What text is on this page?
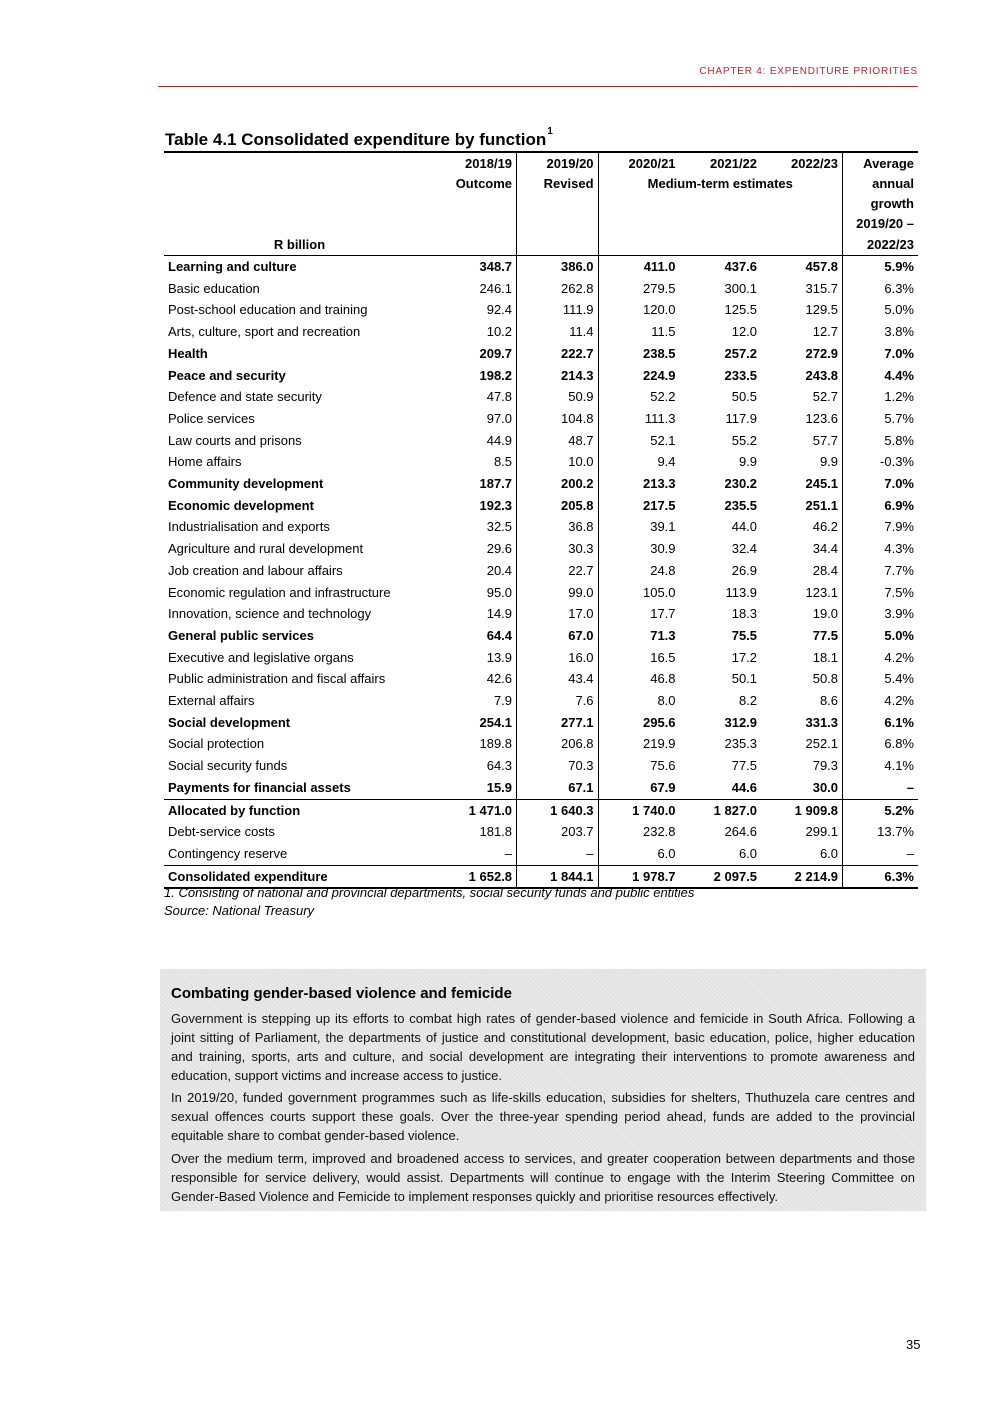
CHAPTER 4: EXPENDITURE PRIORITIES
Table 4.1 Consolidated expenditure by function$^1$
	2018/19	2019/20	2020/21	2021/22	2022/23	Average
	Outcome	Revised	Medium-term estimates			annual
						growth
						2019/20 –
R billion						2022/23
Learning and culture	348.7	386.0	411.0	437.6	457.8	5.9%
Basic education	246.1	262.8	279.5	300.1	315.7	6.3%
Post-school education and training	92.4	111.9	120.0	125.5	129.5	5.0%
Arts, culture, sport and recreation	10.2	11.4	11.5	12.0	12.7	3.8%
Health	209.7	222.7	238.5	257.2	272.9	7.0%
Peace and security	198.2	214.3	224.9	233.5	243.8	4.4%
Defence and state security	47.8	50.9	52.2	50.5	52.7	1.2%
Police services	97.0	104.8	111.3	117.9	123.6	5.7%
Law courts and prisons	44.9	48.7	52.1	55.2	57.7	5.8%
Home affairs	8.5	10.0	9.4	9.9	9.9	-0.3%
Community development	187.7	200.2	213.3	230.2	245.1	7.0%
Economic development	192.3	205.8	217.5	235.5	251.1	6.9%
Industrialisation and exports	32.5	36.8	39.1	44.0	46.2	7.9%
Agriculture and rural development	29.6	30.3	30.9	32.4	34.4	4.3%
Job creation and labour affairs	20.4	22.7	24.8	26.9	28.4	7.7%
Economic regulation and infrastructure	95.0	99.0	105.0	113.9	123.1	7.5%
Innovation, science and technology	14.9	17.0	17.7	18.3	19.0	3.9%
General public services	64.4	67.0	71.3	75.5	77.5	5.0%
Executive and legislative organs	13.9	16.0	16.5	17.2	18.1	4.2%
Public administration and fiscal affairs	42.6	43.4	46.8	50.1	50.8	5.4%
External affairs	7.9	7.6	8.0	8.2	8.6	4.2%
Social development	254.1	277.1	295.6	312.9	331.3	6.1%
Social protection	189.8	206.8	219.9	235.3	252.1	6.8%
Social security funds	64.3	70.3	75.6	77.5	79.3	4.1%
Payments for financial assets	15.9	67.1	67.9	44.6	30.0	–
Allocated by function	1 471.0	1 640.3	1 740.0	1 827.0	1 909.8	5.2%
Debt-service costs	181.8	203.7	232.8	264.6	299.1	13.7%
Contingency reserve	–	–	6.0	6.0	6.0	–
Consolidated expenditure	1 652.8	1 844.1	1 978.7	2 097.5	2 214.9	6.3%
1. Consisting of national and provincial departments, social security funds and public entities
Source: National Treasury
Combating gender-based violence and femicide
Government is stepping up its efforts to combat high rates of gender-based violence and femicide in South Africa. Following a joint sitting of Parliament, the departments of justice and constitutional development, basic education, police, higher education and training, sports, arts and culture, and social development are integrating their interventions to promote awareness and education, support victims and increase access to justice.
In 2019/20, funded government programmes such as life-skills education, subsidies for shelters, Thuthuzela care centres and sexual offences courts support these goals. Over the three-year spending period ahead, funds are added to the provincial equitable share to combat gender-based violence.
Over the medium term, improved and broadened access to services, and greater cooperation between departments and those responsible for service delivery, would assist. Departments will continue to engage with the Interim Steering Committee on Gender-Based Violence and Femicide to implement responses quickly and prioritise resources effectively.
35
